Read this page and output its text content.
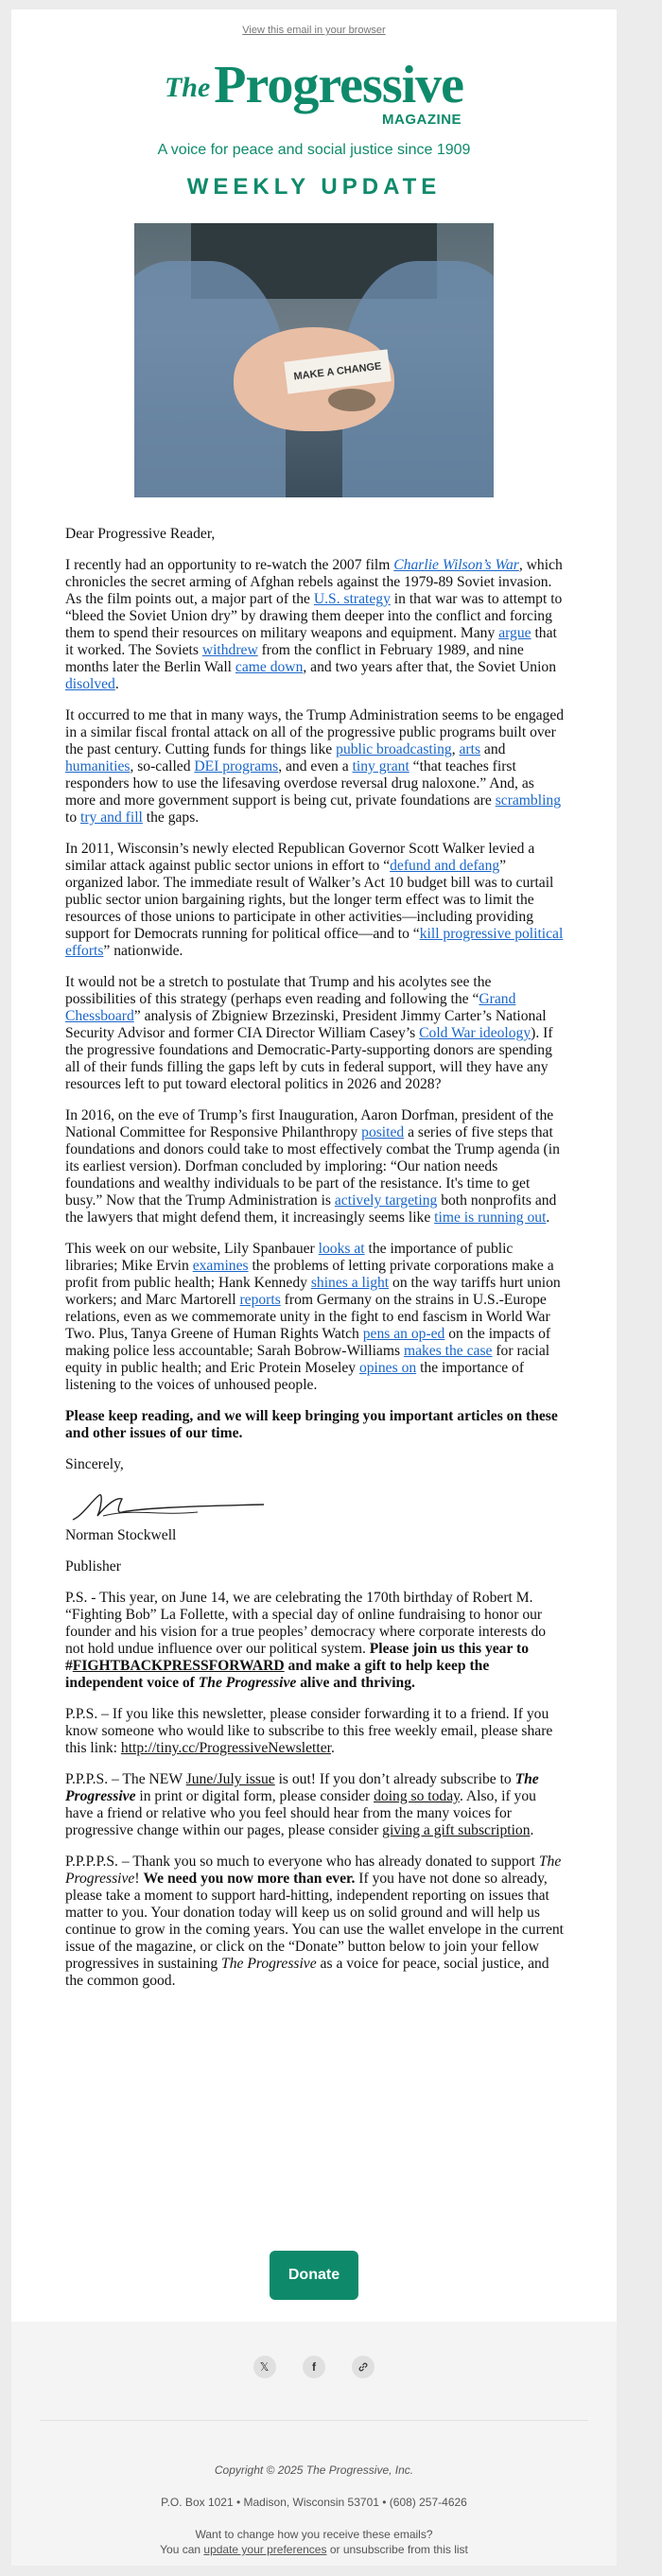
View this email in your browser
TheProgressive
MAGAZINE
A voice for peace and social justice since 1909
WEEKLY UPDATE
MAKE A CHANGE

Dear Progressive Reader,

I recently had an opportunity to re-watch the 2007 film Charlie Wilson’s War, which chronicles the secret arming of Afghan rebels against the 1979-89 Soviet invasion. As the film points out, a major part of the U.S. strategy in that war was to attempt to “bleed the Soviet Union dry” by drawing them deeper into the conflict and forcing them to spend their resources on military weapons and equipment. Many argue that it worked. The Soviets withdrew from the conflict in February 1989, and nine months later the Berlin Wall came down, and two years after that, the Soviet Union disolved.

It occurred to me that in many ways, the Trump Administration seems to be engaged in a similar fiscal frontal attack on all of the progressive public programs built over the past century. Cutting funds for things like public broadcasting, arts and humanities, so-called DEI programs, and even a tiny grant “that teaches first responders how to use the lifesaving overdose reversal drug naloxone.” And, as more and more government support is being cut, private foundations are scrambling to try and fill the gaps.

In 2011, Wisconsin’s newly elected Republican Governor Scott Walker levied a similar attack against public sector unions in effort to “defund and defang” organized labor. The immediate result of Walker’s Act 10 budget bill was to curtail public sector union bargaining rights, but the longer term effect was to limit the resources of those unions to participate in other activities—including providing support for Democrats running for political office—and to “kill progressive political efforts” nationwide.

It would not be a stretch to postulate that Trump and his acolytes see the possibilities of this strategy (perhaps even reading and following the “Grand Chessboard” analysis of Zbigniew Brzezinski, President Jimmy Carter’s National Security Advisor and former CIA Director William Casey’s Cold War ideology). If the progressive foundations and Democratic-Party-supporting donors are spending all of their funds filling the gaps left by cuts in federal support, will they have any resources left to put toward electoral politics in 2026 and 2028?

In 2016, on the eve of Trump’s first Inauguration, Aaron Dorfman, president of the National Committee for Responsive Philanthropy posited a series of five steps that foundations and donors could take to most effectively combat the Trump agenda (in its earliest version). Dorfman concluded by imploring: “Our nation needs foundations and wealthy individuals to be part of the resistance. It's time to get busy.” Now that the Trump Administration is actively targeting both nonprofits and the lawyers that might defend them, it increasingly seems like time is running out.

This week on our website, Lily Spanbauer looks at the importance of public libraries; Mike Ervin examines the problems of letting private corporations make a profit from public health; Hank Kennedy shines a light on the way tariffs hurt union workers; and Marc Martorell reports from Germany on the strains in U.S.-Europe relations, even as we commemorate unity in the fight to end fascism in World War Two. Plus, Tanya Greene of Human Rights Watch pens an op-ed on the impacts of making police less accountable; Sarah Bobrow-Williams makes the case for racial equity in public health; and Eric Protein Moseley opines on the importance of listening to the voices of unhoused people.

Please keep reading, and we will keep bringing you important articles on these and other issues of our time.

Sincerely,

Norman Stockwell

Publisher

P.S. - This year, on June 14, we are celebrating the 170th birthday of Robert M. “Fighting Bob” La Follette, with a special day of online fundraising to honor our founder and his vision for a true peoples’ democracy where corporate interests do not hold undue influence over our political system. Please join us this year to #FIGHTBACKPRESSFORWARD and make a gift to help keep the independent voice of The Progressive alive and thriving.

P.P.S. – If you like this newsletter, please consider forwarding it to a friend. If you know someone who would like to subscribe to this free weekly email, please share this link: http://tiny.cc/ProgressiveNewsletter.

P.P.P.S. – The NEW June/July issue is out! If you don’t already subscribe to The Progressive in print or digital form, please consider doing so today. Also, if you have a friend or relative who you feel should hear from the many voices for progressive change within our pages, please consider giving a gift subscription.

P.P.P.P.S. – Thank you so much to everyone who has already donated to support The Progressive! We need you now more than ever. If you have not done so already, please take a moment to support hard-hitting, independent reporting on issues that matter to you. Your donation today will keep us on solid ground and will help us continue to grow in the coming years. You can use the wallet envelope in the current issue of the magazine, or click on the “Donate” button below to join your fellow progressives in sustaining The Progressive as a voice for peace, social justice, and the common good.

Donate
𝕏	f
Copyright © 2025 The Progressive, Inc.
P.O. Box 1021 • Madison, Wisconsin 53701 • (608) 257-4626
Want to change how you receive these emails?
You can update your preferences or unsubscribe from this list
